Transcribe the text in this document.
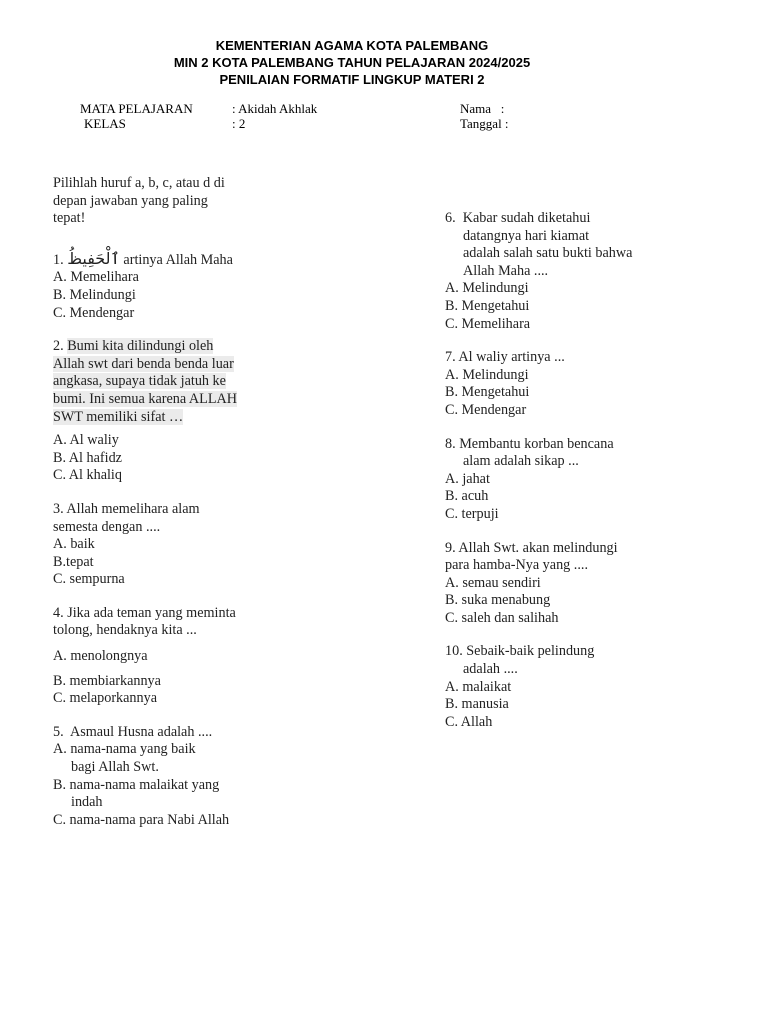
KEMENTERIAN AGAMA KOTA PALEMBANG
MIN 2 KOTA PALEMBANG TAHUN PELAJARAN 2024/2025
PENILAIAN FORMATIF LINGKUP MATERI 2
MATA PELAJARAN	: Akidah Akhlak
KELAS	: 2
Nama   :
Tanggal :
Pilihlah huruf a, b, c, atau d di
depan jawaban yang paling
tepat!
1. ٱلْحَفِيظُ artinya Allah Maha
A. Memelihara
B. Melindungi
C. Mendengar
2. Bumi kita dilindungi oleh
Allah swt dari benda benda luar
angkasa, supaya tidak jatuh ke
bumi. Ini semua karena ALLAH
SWT memiliki sifat …
A. Al waliy
B. Al hafidz
C. Al khaliq
3. Allah memelihara alam
semesta dengan ....
A. baik
B.tepat
C. sempurna
4. Jika ada teman yang meminta
tolong, hendaknya kita ...
A. menolongnya
B. membiarkannya
C. melaporkannya
5.  Asmaul Husna adalah ....
A. nama-nama yang baik
bagi Allah Swt.
B. nama-nama malaikat yang
indah
C. nama-nama para Nabi Allah
6.  Kabar sudah diketahui
datangnya hari kiamat
adalah salah satu bukti bahwa
Allah Maha ....
A. Melindungi
B. Mengetahui
C. Memelihara
7. Al waliy artinya ...
A. Melindungi
B. Mengetahui
C. Mendengar
8. Membantu korban bencana
alam adalah sikap ...
A. jahat
B. acuh
C. terpuji
9. Allah Swt. akan melindungi
para hamba-Nya yang ....
A. semau sendiri
B. suka menabung
C. saleh dan salihah
10. Sebaik-baik pelindung
adalah ....
A. malaikat
B. manusia
C. Allah
